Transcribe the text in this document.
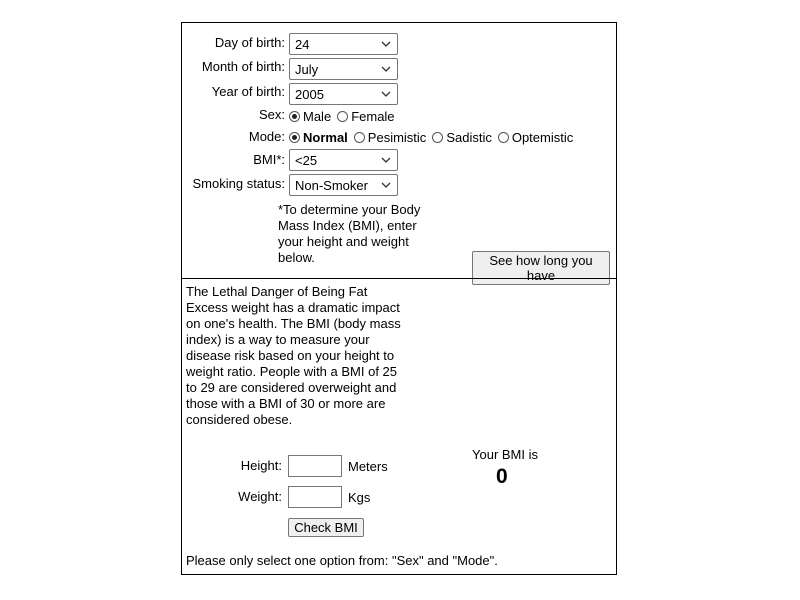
Day of birth: 24
Month of birth: July
Year of birth: 2005
Sex: Male Female
Mode: Normal Pesimistic Sadistic Optemistic
BMI*: <25
Smoking status: Non-Smoker
*To determine your Body Mass Index (BMI), enter your height and weight below.	See how long you have
The Lethal Danger of Being Fat
Excess weight has a dramatic impact on one's health. The BMI (body mass index) is a way to measure your disease risk based on your height to weight ratio. People with a BMI of 25 to 29 are considered overweight and those with a BMI of 30 or more are considered obese.
Height:	Meters
Weight:	Kgs
Check BMI
Your BMI is
0
Please only select one option from: "Sex" and "Mode".
